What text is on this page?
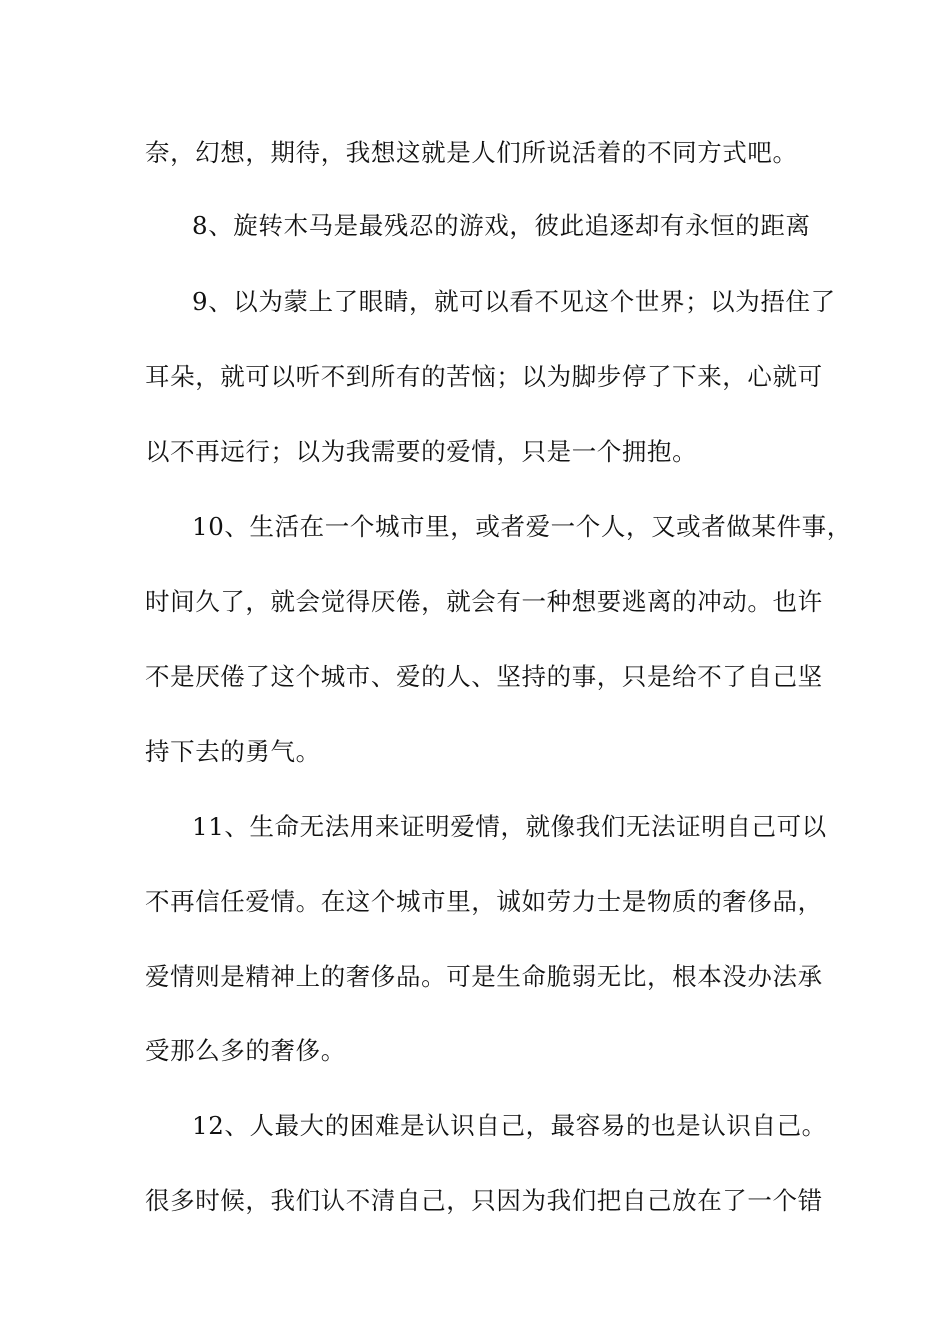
奈，幻想，期待，我想这就是人们所说活着的不同方式吧。
8、旋转木马是最残忍的游戏，彼此追逐却有永恒的距离
9、以为蒙上了眼睛，就可以看不见这个世界；以为捂住了
耳朵，就可以听不到所有的苦恼；以为脚步停了下来，心就可
以不再远行；以为我需要的爱情，只是一个拥抱。
10、生活在一个城市里，或者爱一个人，又或者做某件事，
时间久了，就会觉得厌倦，就会有一种想要逃离的冲动。也许
不是厌倦了这个城市、爱的人、坚持的事，只是给不了自己坚
持下去的勇气。
11、生命无法用来证明爱情，就像我们无法证明自己可以
不再信任爱情。在这个城市里，诚如劳力士是物质的奢侈品，
爱情则是精神上的奢侈品。可是生命脆弱无比，根本没办法承
受那么多的奢侈。
12、人最大的困难是认识自己，最容易的也是认识自己。
很多时候，我们认不清自己，只因为我们把自己放在了一个错
